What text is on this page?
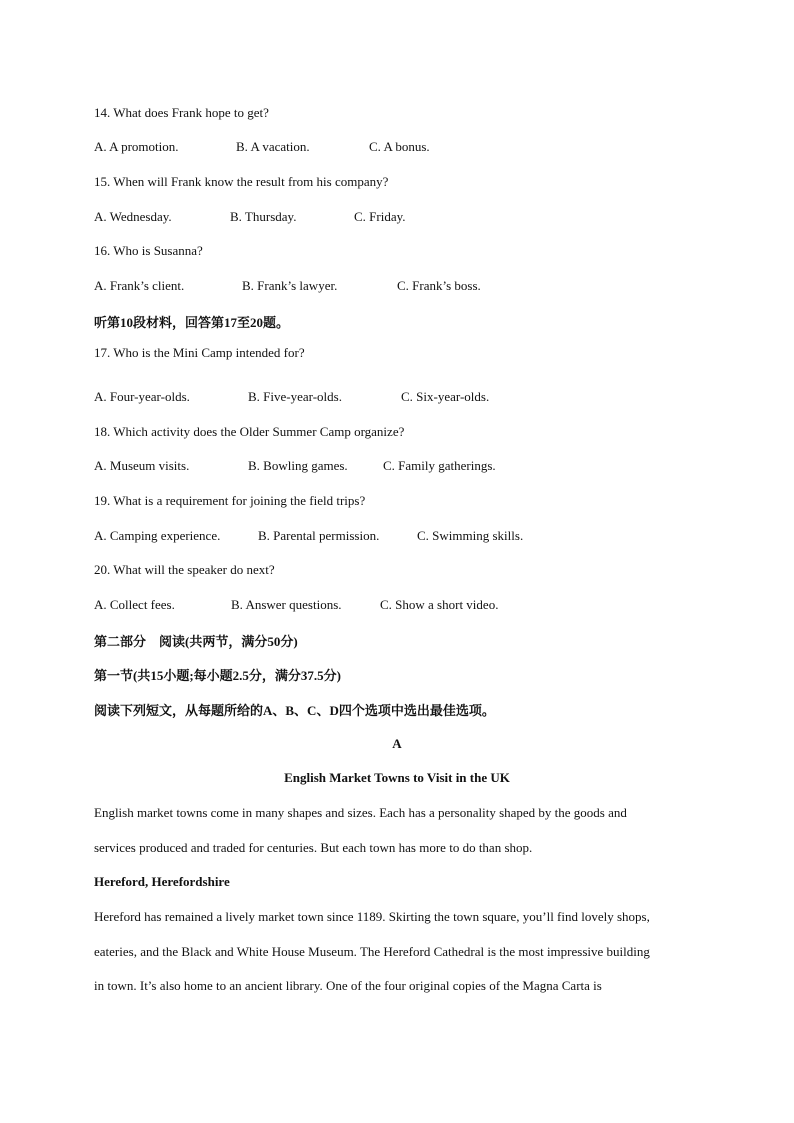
14. What does Frank hope to get?
A. A promotion.	B. A vacation.	C. A bonus.
15. When will Frank know the result from his company?
A. Wednesday.	B. Thursday.	C. Friday.
16. Who is Susanna?
A. Frank’s client.	B. Frank’s lawyer.	C. Frank’s boss.
听第10段材料，回答第17至20题。
17. Who is the Mini Camp intended for?
A. Four-year-olds.	B. Five-year-olds.	C. Six-year-olds.
18. Which activity does the Older Summer Camp organize?
A. Museum visits.	B. Bowling games.	C. Family gatherings.
19. What is a requirement for joining the field trips?
A. Camping experience.	B. Parental permission.	C. Swimming skills.
20. What will the speaker do next?
A. Collect fees.	B. Answer questions.	C. Show a short video.
第二部分　阅读(共两节，满分50分)
第一节(共15小题;每小题2.5分，满分37.5分)
阅读下列短文，从每题所给的A、B、C、D四个选项中选出最佳选项。
A
English Market Towns to Visit in the UK
English market towns come in many shapes and sizes. Each has a personality shaped by the goods and
services produced and traded for centuries. But each town has more to do than shop.
Hereford, Herefordshire
Hereford has remained a lively market town since 1189. Skirting the town square, you’ll find lovely shops,
eateries, and the Black and White House Museum. The Hereford Cathedral is the most impressive building
in town. It’s also home to an ancient library. One of the four original copies of the Magna Carta is
